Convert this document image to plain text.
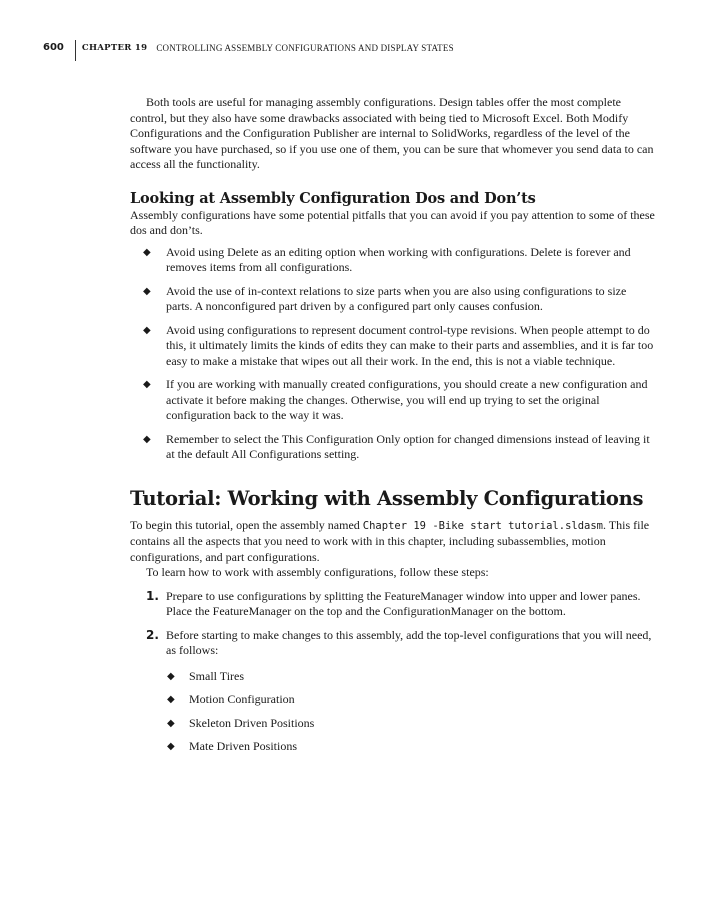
600	CHAPTER 19	CONTROLLING ASSEMBLY CONFIGURATIONS AND DISPLAY STATES

Both tools are useful for managing assembly configurations. Design tables offer the most complete control, but they also have some drawbacks associated with being tied to Microsoft Excel. Both Modify Configurations and the Configuration Publisher are internal to SolidWorks, regardless of the level of the software you have purchased, so if you use one of them, you can be sure that whomever you send data to can access all the functionality.

Looking at Assembly Configuration Dos and Don’ts

Assembly configurations have some potential pitfalls that you can avoid if you pay attention to some of these dos and don’ts.

◆ Avoid using Delete as an editing option when working with configurations. Delete is forever and removes items from all configurations.
◆ Avoid the use of in-context relations to size parts when you are also using configurations to size parts. A nonconfigured part driven by a configured part only causes confusion.
◆ Avoid using configurations to represent document control-type revisions. When people attempt to do this, it ultimately limits the kinds of edits they can make to their parts and assemblies, and it is far too easy to make a mistake that wipes out all their work. In the end, this is not a viable technique.
◆ If you are working with manually created configurations, you should create a new configuration and activate it before making the changes. Otherwise, you will end up trying to set the original configuration back to the way it was.
◆ Remember to select the This Configuration Only option for changed dimensions instead of leaving it at the default All Configurations setting.
Tutorial: Working with Assembly Configurations

To begin this tutorial, open the assembly named Chapter 19 -Bike start tutorial.sldasm. This file contains all the aspects that you need to work with in this chapter, including subassemblies, motion configurations, and part configurations.

To learn how to work with assembly configurations, follow these steps:

1. Prepare to use configurations by splitting the FeatureManager window into upper and lower panes. Place the FeatureManager on the top and the ConfigurationManager on the bottom.
2. Before starting to make changes to this assembly, add the top-level configurations that you will need, as follows:
◆ Small Tires
◆ Motion Configuration
◆ Skeleton Driven Positions
◆ Mate Driven Positions
